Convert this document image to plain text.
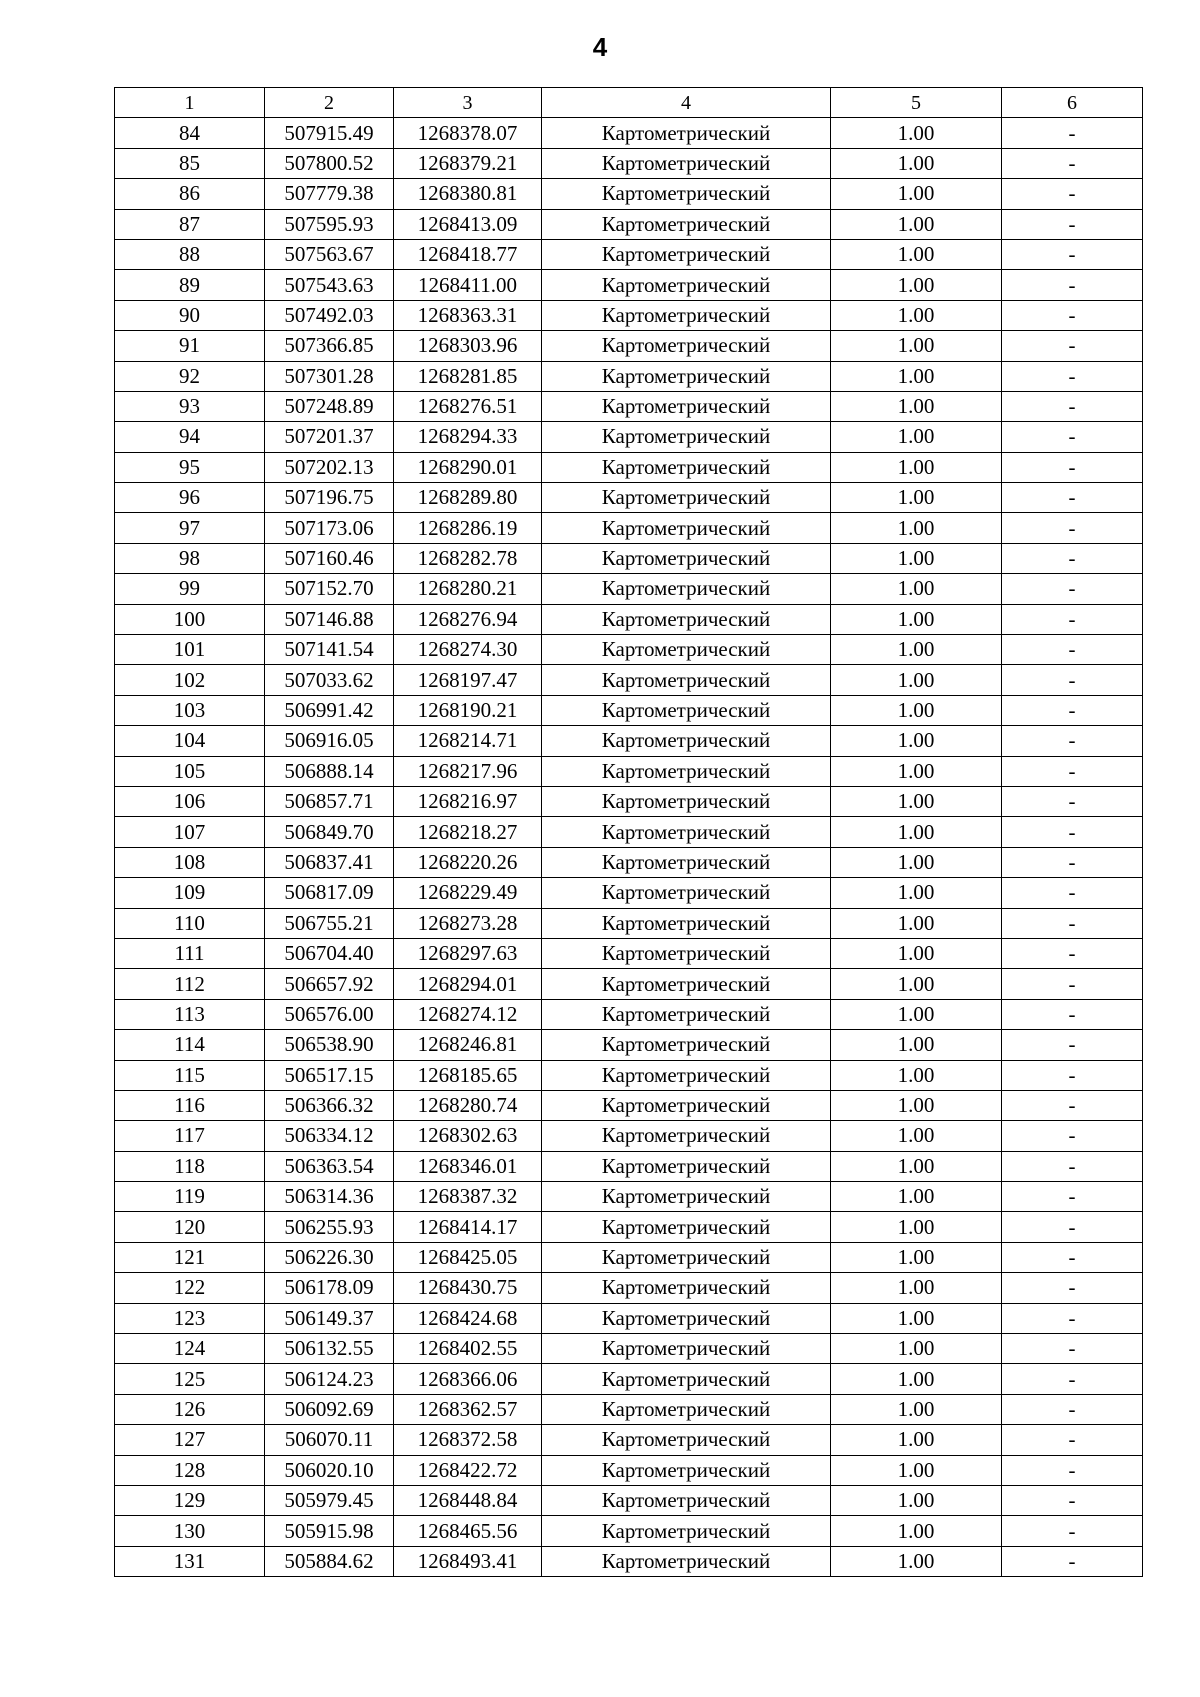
4
1	2	3	4	5	6
84	507915.49	1268378.07	Картометрический	1.00	-
85	507800.52	1268379.21	Картометрический	1.00	-
86	507779.38	1268380.81	Картометрический	1.00	-
87	507595.93	1268413.09	Картометрический	1.00	-
88	507563.67	1268418.77	Картометрический	1.00	-
89	507543.63	1268411.00	Картометрический	1.00	-
90	507492.03	1268363.31	Картометрический	1.00	-
91	507366.85	1268303.96	Картометрический	1.00	-
92	507301.28	1268281.85	Картометрический	1.00	-
93	507248.89	1268276.51	Картометрический	1.00	-
94	507201.37	1268294.33	Картометрический	1.00	-
95	507202.13	1268290.01	Картометрический	1.00	-
96	507196.75	1268289.80	Картометрический	1.00	-
97	507173.06	1268286.19	Картометрический	1.00	-
98	507160.46	1268282.78	Картометрический	1.00	-
99	507152.70	1268280.21	Картометрический	1.00	-
100	507146.88	1268276.94	Картометрический	1.00	-
101	507141.54	1268274.30	Картометрический	1.00	-
102	507033.62	1268197.47	Картометрический	1.00	-
103	506991.42	1268190.21	Картометрический	1.00	-
104	506916.05	1268214.71	Картометрический	1.00	-
105	506888.14	1268217.96	Картометрический	1.00	-
106	506857.71	1268216.97	Картометрический	1.00	-
107	506849.70	1268218.27	Картометрический	1.00	-
108	506837.41	1268220.26	Картометрический	1.00	-
109	506817.09	1268229.49	Картометрический	1.00	-
110	506755.21	1268273.28	Картометрический	1.00	-
111	506704.40	1268297.63	Картометрический	1.00	-
112	506657.92	1268294.01	Картометрический	1.00	-
113	506576.00	1268274.12	Картометрический	1.00	-
114	506538.90	1268246.81	Картометрический	1.00	-
115	506517.15	1268185.65	Картометрический	1.00	-
116	506366.32	1268280.74	Картометрический	1.00	-
117	506334.12	1268302.63	Картометрический	1.00	-
118	506363.54	1268346.01	Картометрический	1.00	-
119	506314.36	1268387.32	Картометрический	1.00	-
120	506255.93	1268414.17	Картометрический	1.00	-
121	506226.30	1268425.05	Картометрический	1.00	-
122	506178.09	1268430.75	Картометрический	1.00	-
123	506149.37	1268424.68	Картометрический	1.00	-
124	506132.55	1268402.55	Картометрический	1.00	-
125	506124.23	1268366.06	Картометрический	1.00	-
126	506092.69	1268362.57	Картометрический	1.00	-
127	506070.11	1268372.58	Картометрический	1.00	-
128	506020.10	1268422.72	Картометрический	1.00	-
129	505979.45	1268448.84	Картометрический	1.00	-
130	505915.98	1268465.56	Картометрический	1.00	-
131	505884.62	1268493.41	Картометрический	1.00	-
